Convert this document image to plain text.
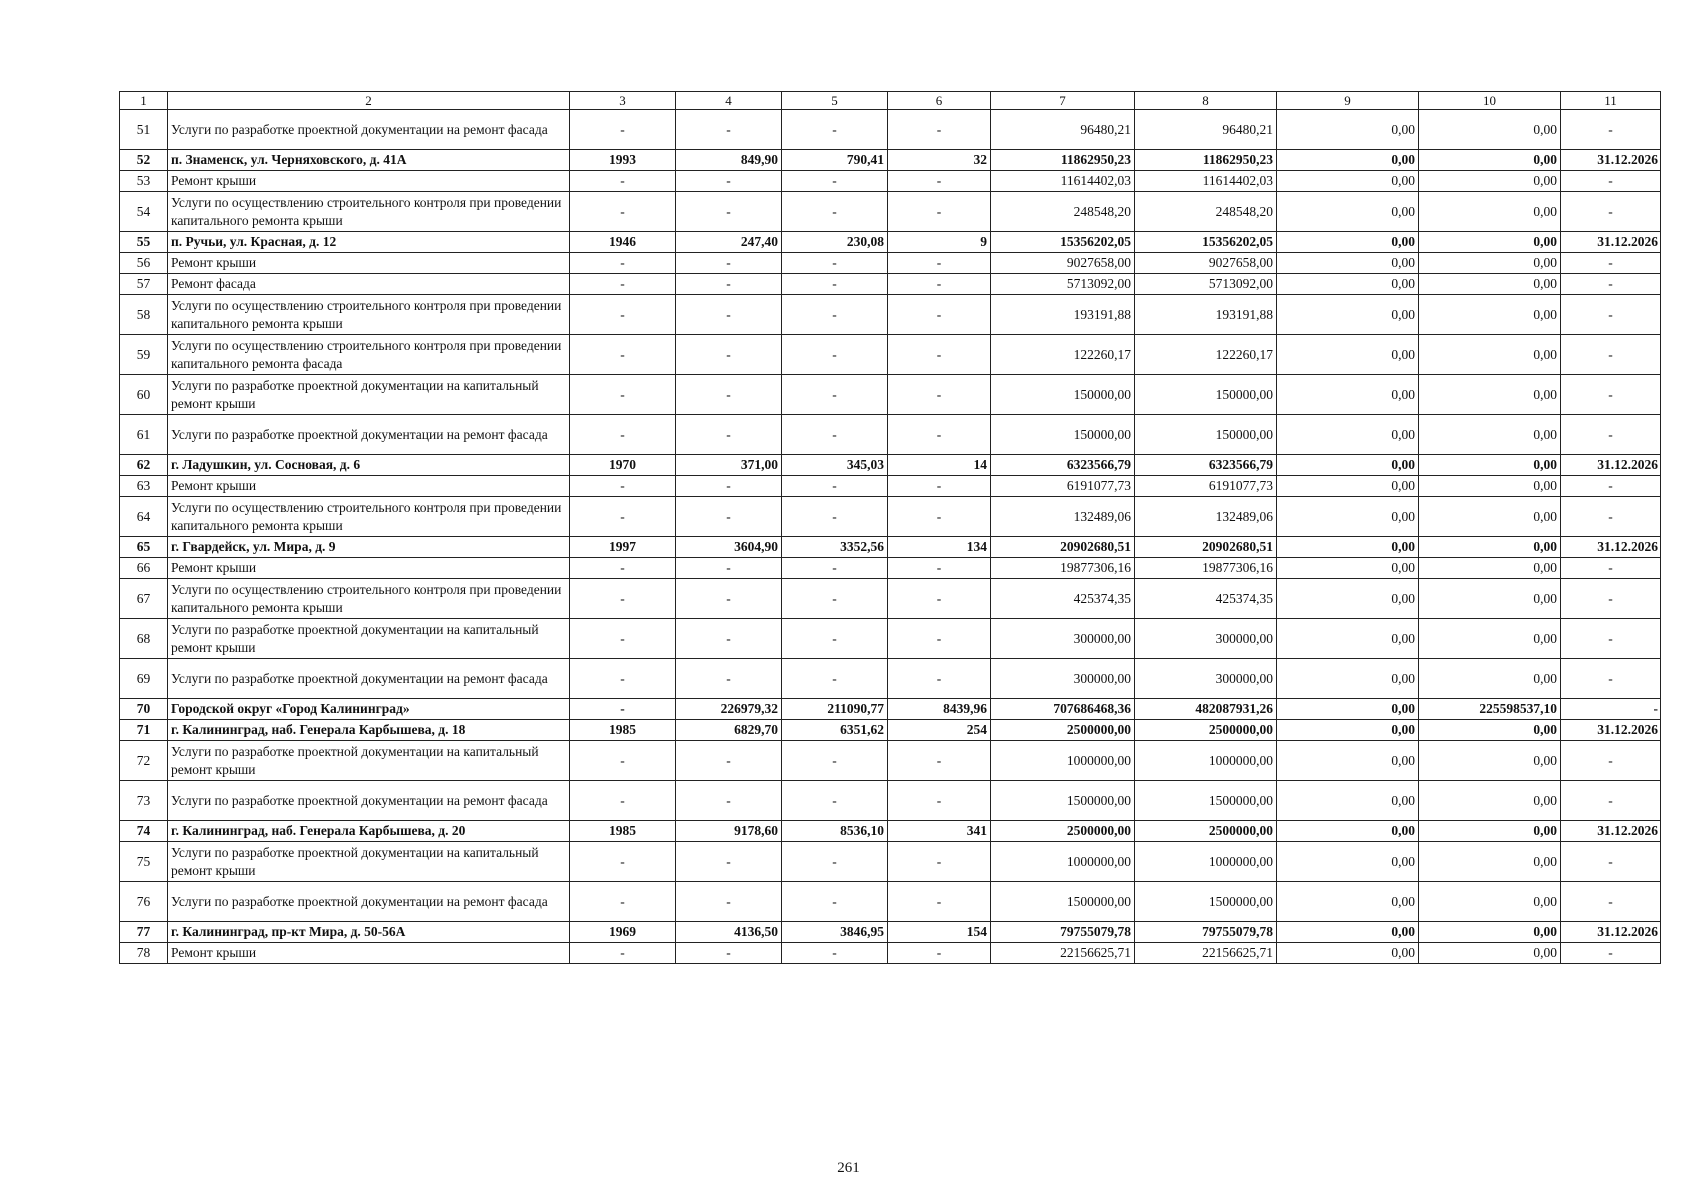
1	2	3	4	5	6	7	8	9	10	11
51	Услуги по разработке проектной документации на ремонт фасада	-	-	-	-	96480,21	96480,21	0,00	0,00	-
52	п. Знаменск, ул. Черняховского, д. 41А	1993	849,90	790,41	32	11862950,23	11862950,23	0,00	0,00	31.12.2026
53	Ремонт крыши	-	-	-	-	11614402,03	11614402,03	0,00	0,00	-
54	Услуги по осуществлению строительного контроля при проведении капитального ремонта крыши	-	-	-	-	248548,20	248548,20	0,00	0,00	-
55	п. Ручьи, ул. Красная, д. 12	1946	247,40	230,08	9	15356202,05	15356202,05	0,00	0,00	31.12.2026
56	Ремонт крыши	-	-	-	-	9027658,00	9027658,00	0,00	0,00	-
57	Ремонт фасада	-	-	-	-	5713092,00	5713092,00	0,00	0,00	-
58	Услуги по осуществлению строительного контроля при проведении капитального ремонта крыши	-	-	-	-	193191,88	193191,88	0,00	0,00	-
59	Услуги по осуществлению строительного контроля при проведении капитального ремонта фасада	-	-	-	-	122260,17	122260,17	0,00	0,00	-
60	Услуги по разработке проектной документации на капитальный ремонт крыши	-	-	-	-	150000,00	150000,00	0,00	0,00	-
61	Услуги по разработке проектной документации на ремонт фасада	-	-	-	-	150000,00	150000,00	0,00	0,00	-
62	г. Ладушкин, ул. Сосновая, д. 6	1970	371,00	345,03	14	6323566,79	6323566,79	0,00	0,00	31.12.2026
63	Ремонт крыши	-	-	-	-	6191077,73	6191077,73	0,00	0,00	-
64	Услуги по осуществлению строительного контроля при проведении капитального ремонта крыши	-	-	-	-	132489,06	132489,06	0,00	0,00	-
65	г. Гвардейск, ул. Мира, д. 9	1997	3604,90	3352,56	134	20902680,51	20902680,51	0,00	0,00	31.12.2026
66	Ремонт крыши	-	-	-	-	19877306,16	19877306,16	0,00	0,00	-
67	Услуги по осуществлению строительного контроля при проведении капитального ремонта крыши	-	-	-	-	425374,35	425374,35	0,00	0,00	-
68	Услуги по разработке проектной документации на капитальный ремонт крыши	-	-	-	-	300000,00	300000,00	0,00	0,00	-
69	Услуги по разработке проектной документации на ремонт фасада	-	-	-	-	300000,00	300000,00	0,00	0,00	-
70	Городской округ «Город Калининград»	-	226979,32	211090,77	8439,96	707686468,36	482087931,26	0,00	225598537,10	-
71	г. Калининград, наб. Генерала Карбышева, д. 18	1985	6829,70	6351,62	254	2500000,00	2500000,00	0,00	0,00	31.12.2026
72	Услуги по разработке проектной документации на капитальный ремонт крыши	-	-	-	-	1000000,00	1000000,00	0,00	0,00	-
73	Услуги по разработке проектной документации на ремонт фасада	-	-	-	-	1500000,00	1500000,00	0,00	0,00	-
74	г. Калининград, наб. Генерала Карбышева, д. 20	1985	9178,60	8536,10	341	2500000,00	2500000,00	0,00	0,00	31.12.2026
75	Услуги по разработке проектной документации на капитальный ремонт крыши	-	-	-	-	1000000,00	1000000,00	0,00	0,00	-
76	Услуги по разработке проектной документации на ремонт фасада	-	-	-	-	1500000,00	1500000,00	0,00	0,00	-
77	г. Калининград, пр-кт Мира, д. 50-56А	1969	4136,50	3846,95	154	79755079,78	79755079,78	0,00	0,00	31.12.2026
78	Ремонт крыши	-	-	-	-	22156625,71	22156625,71	0,00	0,00	-
261
